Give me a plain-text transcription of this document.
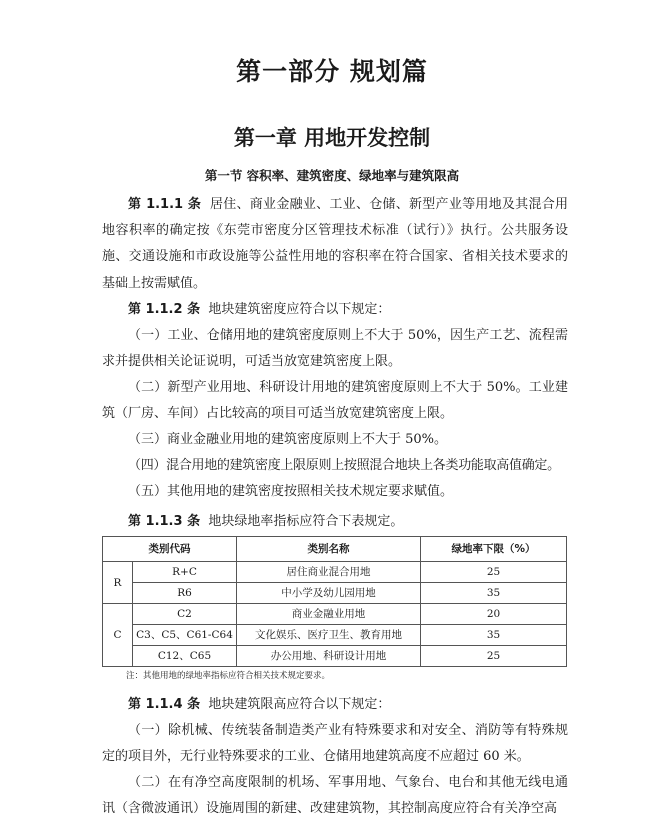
第一部分 规划篇
第一章 用地开发控制
第一节 容积率、建筑密度、绿地率与建筑限高

第 1.1.1 条 居住、商业金融业、工业、仓储、新型产业等用地及其混合用地容积率的确定按《东莞市密度分区管理技术标准（试行）》执行。公共服务设施、交通设施和市政设施等公益性用地的容积率在符合国家、省相关技术要求的基础上按需赋值。

第 1.1.2 条 地块建筑密度应符合以下规定：

（一）工业、仓储用地的建筑密度原则上不大于 50%，因生产工艺、流程需求并提供相关论证说明，可适当放宽建筑密度上限。

（二）新型产业用地、科研设计用地的建筑密度原则上不大于 50%。工业建筑（厂房、车间）占比较高的项目可适当放宽建筑密度上限。

（三）商业金融业用地的建筑密度原则上不大于 50%。

（四）混合用地的建筑密度上限原则上按照混合地块上各类功能取高值确定。

（五）其他用地的建筑密度按照相关技术规定要求赋值。

第 1.1.3 条 地块绿地率指标应符合下表规定。

类别代码		类别名称	绿地率下限（%）
R	R+C	居住商业混合用地	25
	R6	中小学及幼儿园用地	35
C	C2	商业金融业用地	20
	C3、C5、C61-C64	文化娱乐、医疗卫生、教育用地	35
	C12、C65	办公用地、科研设计用地	25

注：其他用地的绿地率指标应符合相关技术规定要求。

第 1.1.4 条 地块建筑限高应符合以下规定：

（一）除机械、传统装备制造类产业有特殊要求和对安全、消防等有特殊规定的项目外，无行业特殊要求的工业、仓储用地建筑高度不应超过 60 米。

（二）在有净空高度限制的机场、军事用地、气象台、电台和其他无线电通讯（含微波通讯）设施周围的新建、改建建筑物，其控制高度应符合有关净空高
